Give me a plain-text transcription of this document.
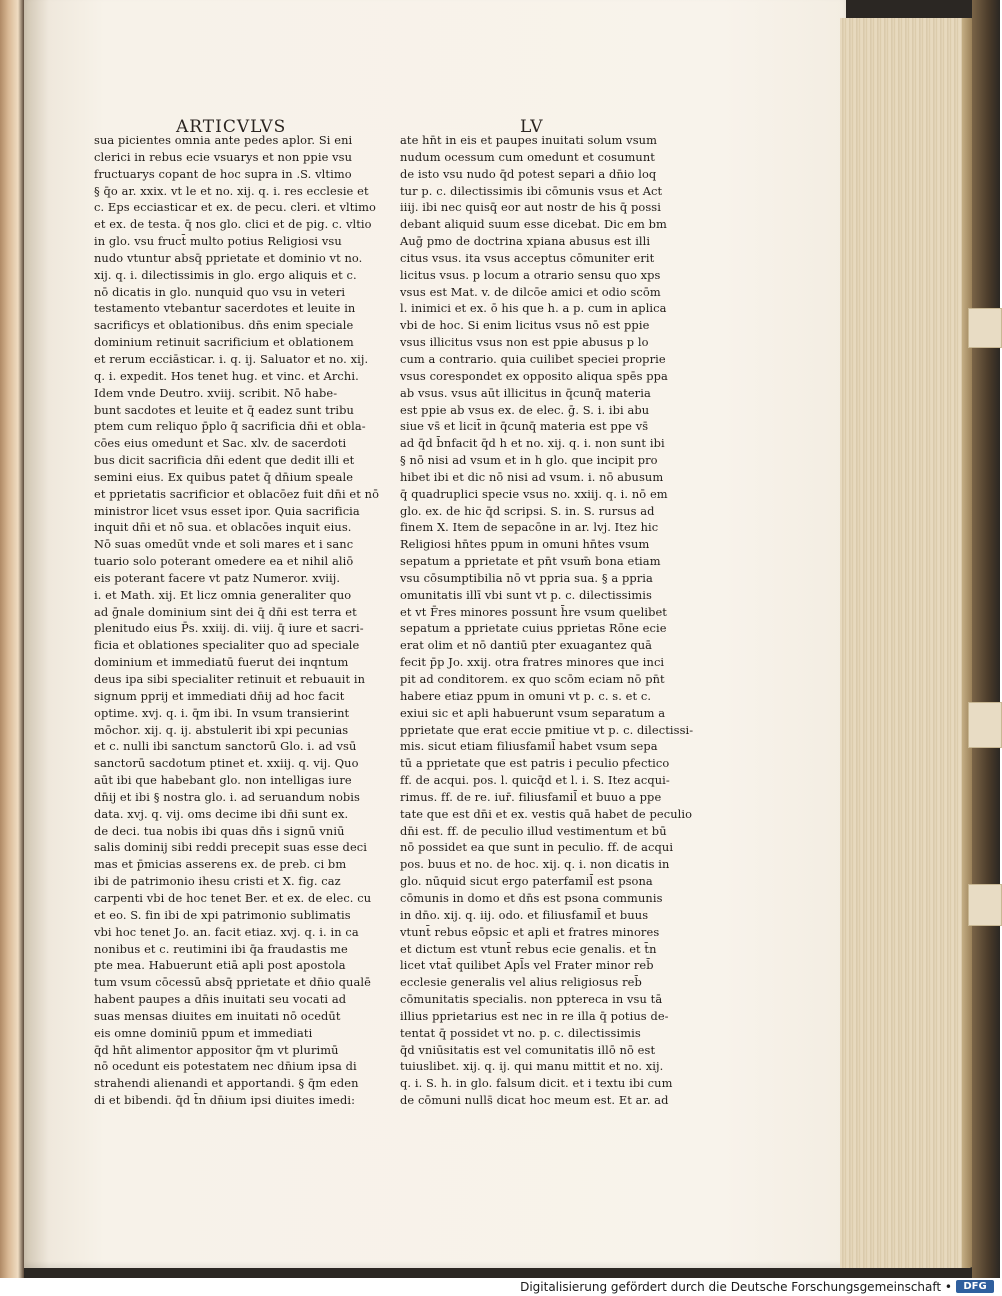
ARTICVLVS	LV
sua picientes omnia ante pedes aplor. Si eni
clerici in rebus ecie vsuarys et non ppie vsu
fructuarys copant de hoc supra in .S. vltimo
§ q̄o ar. xxix. vt le et no. xij. q. i. res ecclesie et
c. Eps ecciasticar et ex. de pecu. cleri. et vltimo
et ex. de testa. q̄ nos glo. clici et de pig. c. vltio
in glo. vsu fruct̄ multo potius Religiosi vsu
nudo vtuntur absq̄ pprietate et dominio vt no.
xij. q. i. dilectissimis in glo. ergo aliquis et c.
nō dicatis in glo. nunquid quo vsu in veteri
testamento vtebantur sacerdotes et leuite in
sacrificys et oblationibus. dn̄s enim speciale
dominium retinuit sacrificium et oblationem
et rerum ecciāsticar. i. q. ij. Saluator et no. xij.
q. i. expedit. Hos tenet hug. et vinc. et Archi.
Idem vnde Deutro. xviij. scribit. Nō habe-
bunt sacdotes et leuite et q̄ eadez sunt tribu
ptem cum reliquo p̄plo q̄ sacrificia dn̄i et obla-
cōes eius omedunt et Sac. xlv. de sacerdoti
bus dicit sacrificia dn̄i edent que dedit illi et
semini eius. Ex quibus patet q̄ dn̄ium speale
et pprietatis sacrificior et oblacōez fuit dn̄i et nō
ministror licet vsus esset ipor. Quia sacrificia
inquit dn̄i et nō sua. et oblacōes inquit eius.
Nō suas omedūt vnde et soli mares et i sanc
tuario solo poterant omedere ea et nihil aliō
eis poterant facere vt patz Numeror. xviij.
i. et Math. xij. Et licz omnia generaliter quo
ad ḡnale dominium sint dei q̄ dn̄i est terra et
plenitudo eius P̄s. xxiij. di. viij. q̄ iure et sacri-
ficia et oblationes specialiter quo ad speciale
dominium et immediatū fuerut dei inqntum
deus ipa sibi specialiter retinuit et rebuauit in
signum pprij et immediati dn̄ij ad hoc facit
optime. xvj. q. i. q̄m ibi. In vsum transierint
mōchor. xij. q. ij. abstulerit ibi xpi pecunias
et c. nulli ibi sanctum sanctorū Glo. i. ad vsū
sanctorū sacdotum ptinet et. xxiij. q. vij. Quo
aūt ibi que habebant glo. non intelligas iure
dn̄ij et ibi § nostra glo. i. ad seruandum nobis
data. xvj. q. vij. oms decime ibi dn̄i sunt ex.
de deci. tua nobis ibi quas dn̄s i signū vniū
salis dominij sibi reddi precepit suas esse deci
mas et p̄micias asserens ex. de preb. ci bm
ibi de patrimonio ihesu cristi et X. fig. caz
carpenti vbi de hoc tenet Ber. et ex. de elec. cu
et eo. S. fin ibi de xpi patrimonio sublimatis
vbi hoc tenet Jo. an. facit etiaz. xvj. q. i. in ca
nonibus et c. reutimini ibi q̄a fraudastis me
pte mea. Habuerunt etiā apli post apostola
tum vsum cōcessū absq̄ pprietate et dn̄io qualē
habent paupes a dn̄is inuitati seu vocati ad
suas mensas diuites em inuitati nō ocedūt
eis omne dominiū ppum et immediati
q̄d hn̄t alimentor appositor q̄m vt plurimū
nō ocedunt eis potestatem nec dn̄ium ipsa di
strahendi alienandi et apportandi. § q̄m eden
di et bibendi. q̄d t̄n dn̄ium ipsi diuites imedi:
ate hn̄t in eis et paupes inuitati solum vsum
nudum ocessum cum omedunt et cosumunt
de isto vsu nudo q̄d potest separi a dn̄io loq
tur p. c. dilectissimis ibi cōmunis vsus et Act
iiij. ibi nec quisq̄ eor aut nostr de his q̄ possi
debant aliquid suum esse dicebat. Dic em bm
Auḡ pmo de doctrina xpiana abusus est illi
citus vsus. ita vsus acceptus cōmuniter erit
licitus vsus. p locum a otrario sensu quo xps
vsus est Mat. v. de dilcōe amici et odio scōm
l. inimici et ex. ō his que h. a p. cum in aplica
vbi de hoc. Si enim licitus vsus nō est ppie
vsus illicitus vsus non est ppie abusus p lo
cum a contrario. quia cuilibet speciei proprie
vsus corespondet ex opposito aliqua spēs ppa
ab vsus. vsus aūt illicitus in q̄cunq̄ materia
est ppie ab vsus ex. de elec. ḡ. S. i. ibi abu
siue vs̄ et licit̄ in q̄cunq̄ materia est ppe vs̄
ad q̄d b̄nfacit q̄d h et no. xij. q. i. non sunt ibi
§ nō nisi ad vsum et in h glo. que incipit pro
hibet ibi et dic nō nisi ad vsum. i. nō abusum
q̄ quadruplici specie vsus no. xxiij. q. i. nō em
glo. ex. de hic q̄d scripsi. S. in. S. rursus ad
finem X. Item de sepacōne in ar. lvj. Itez hic
Religiosi hn̄tes ppum in omuni hn̄tes vsum
sepatum a pprietate et pn̄t vsum̄ bona etiam
vsu cōsumptibilia nō vt ppria sua. § a ppria
omunitatis illī vbi sunt vt p. c. dilectissimis
et vt F̄res minores possunt h̄re vsum quelibet
sepatum a pprietate cuius pprietas Rōne ecie
erat olim et nō dantiū pter exuagantez quā
fecit p̄p Jo. xxij. otra fratres minores que inci
pit ad conditorem. ex quo scōm eciam nō pn̄t
habere etiaz ppum in omuni vt p. c. s. et c.
exiui sic et apli habuerunt vsum separatum a
pprietate que erat eccie pmitiue vt p. c. dilectissi-
mis. sicut etiam filiusfamil̄ habet vsum sepa
tū a pprietate que est patris i peculio pfectico
ff. de acqui. pos. l. quicq̄d et l. i. S. Itez acqui-
rimus. ff. de re. iur̄. filiusfamil̄ et buuo a ppe
tate que est dn̄i et ex. vestis quā habet de peculio
dn̄i est. ff. de peculio illud vestimentum et bū
nō possidet ea que sunt in peculio. ff. de acqui
pos. buus et no. de hoc. xij. q. i. non dicatis in
glo. nūquid sicut ergo paterfamil̄ est psona
cōmunis in domo et dn̄s est psona communis
in dn̄o. xij. q. iij. odo. et filiusfamil̄ et buus
vtunt̄ rebus eōpsic et apli et fratres minores
et dictum est vtunt̄ rebus ecie genalis. et t̄n
licet vtat̄ quilibet Apl̄s vel Frater minor reb̄
ecclesie generalis vel alius religiosus reb̄
cōmunitatis specialis. non pptereca in vsu tā
illius pprietarius est nec in re illa q̄ potius de-
tentat q̄ possidet vt no. p. c. dilectissimis
q̄d vniūsitatis est vel comunitatis illō nō est
tuiuslibet. xij. q. ij. qui manu mittit et no. xij.
q. i. S. h. in glo. falsum dicit. et i textu ibi cum
de cōmuni nulls̄ dicat hoc meum est. Et ar. ad
Digitalisierung gefördert durch die Deutsche Forschungsgemeinschaft •	DFG
